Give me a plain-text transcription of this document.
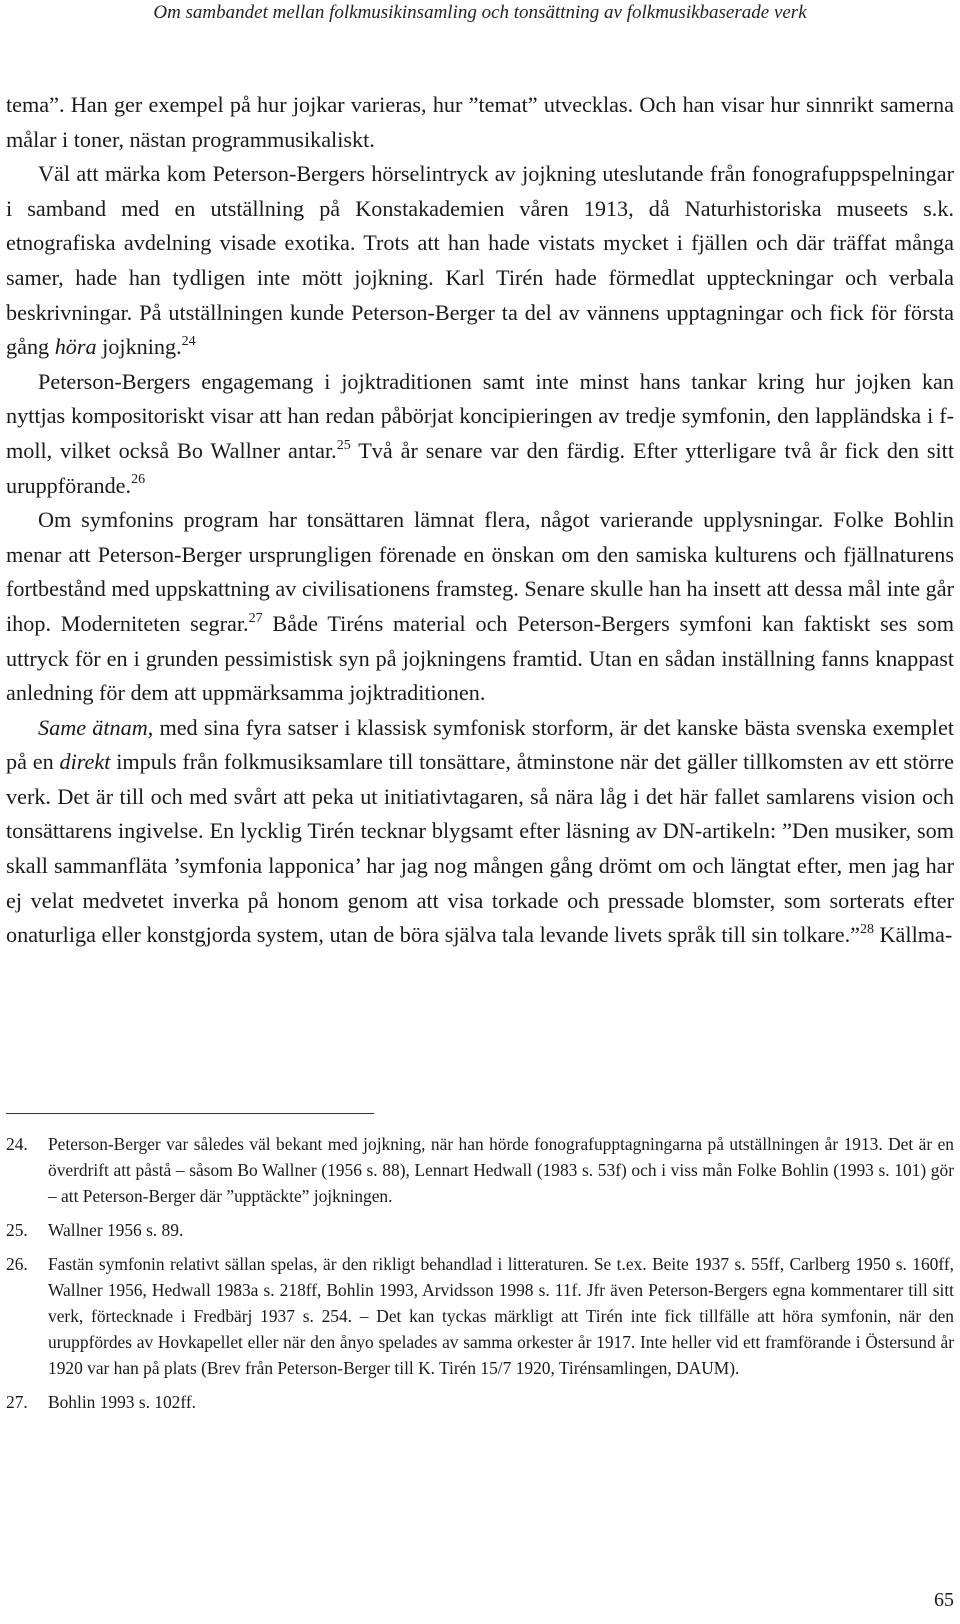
Om sambandet mellan folkmusikinsamling och tonsättning av folkmusikbaserade verk

tema”. Han ger exempel på hur jojkar varieras, hur ”temat” utvecklas. Och han visar hur sinnrikt samerna målar i toner, nästan programmusikaliskt.

Väl att märka kom Peterson-Bergers hörselintryck av jojkning uteslutande från fonografuppspelningar i samband med en utställning på Konstakademien våren 1913, då Naturhistoriska museets s.k. etnografiska avdelning visade exotika. Trots att han hade vistats mycket i fjällen och där träffat många samer, hade han tydligen inte mött jojkning. Karl Tirén hade förmedlat uppteckningar och verbala beskrivningar. På utställningen kunde Peterson-Berger ta del av vännens upptagningar och fick för första gång höra jojkning.$^{24}$

Peterson-Bergers engagemang i jojktraditionen samt inte minst hans tankar kring hur jojken kan nyttjas kompositoriskt visar att han redan påbörjat koncipieringen av tredje symfonin, den lappländska i f-moll, vilket också Bo Wallner antar.$^{25}$ Två år senare var den färdig. Efter ytterligare två år fick den sitt uruppförande.$^{26}$

Om symfonins program har tonsättaren lämnat flera, något varierande upplysningar. Folke Bohlin menar att Peterson-Berger ursprungligen förenade en önskan om den samiska kulturens och fjällnaturens fortbestånd med uppskattning av civilisationens framsteg. Senare skulle han ha insett att dessa mål inte går ihop. Moderniteten segrar.$^{27}$ Både Tiréns material och Peterson-Bergers symfoni kan faktiskt ses som uttryck för en i grunden pessimistisk syn på jojkningens framtid. Utan en sådan inställning fanns knappast anledning för dem att uppmärksamma jojktraditionen.

Same ätnam, med sina fyra satser i klassisk symfonisk storform, är det kanske bästa svenska exemplet på en direkt impuls från folkmusiksamlare till tonsättare, åtminstone när det gäller tillkomsten av ett större verk. Det är till och med svårt att peka ut initiativtagaren, så nära låg i det här fallet samlarens vision och tonsättarens ingivelse. En lycklig Tirén tecknar blygsamt efter läsning av DN-artikeln: ”Den musiker, som skall sammanfläta ’symfonia lapponica’ har jag nog mången gång drömt om och längtat efter, men jag har ej velat medvetet inverka på honom genom att visa torkade och pressade blomster, som sorterats efter onaturliga eller konstgjorda system, utan de böra själva tala levande livets språk till sin tolkare.”$^{28}$ Källma-

24. Peterson-Berger var således väl bekant med jojkning, när han hörde fonografupptagningarna på utställningen år 1913. Det är en överdrift att påstå – såsom Bo Wallner (1956 s. 88), Lennart Hedwall (1983 s. 53f) och i viss mån Folke Bohlin (1993 s. 101) gör – att Peterson-Berger där ”upptäckte” jojkningen.
25. Wallner 1956 s. 89.
26. Fastän symfonin relativt sällan spelas, är den rikligt behandlad i litteraturen. Se t.ex. Beite 1937 s. 55ff, Carlberg 1950 s. 160ff, Wallner 1956, Hedwall 1983a s. 218ff, Bohlin 1993, Arvidsson 1998 s. 11f. Jfr även Peterson-Bergers egna kommentarer till sitt verk, förtecknade i Fredbärj 1937 s. 254. – Det kan tyckas märkligt att Tirén inte fick tillfälle att höra symfonin, när den uruppfördes av Hovkapellet eller när den ånyo spelades av samma orkester år 1917. Inte heller vid ett framförande i Östersund år 1920 var han på plats (Brev från Peterson-Berger till K. Tirén 15/7 1920, Tirénsamlingen, DAUM).
27. Bohlin 1993 s. 102ff.
65
